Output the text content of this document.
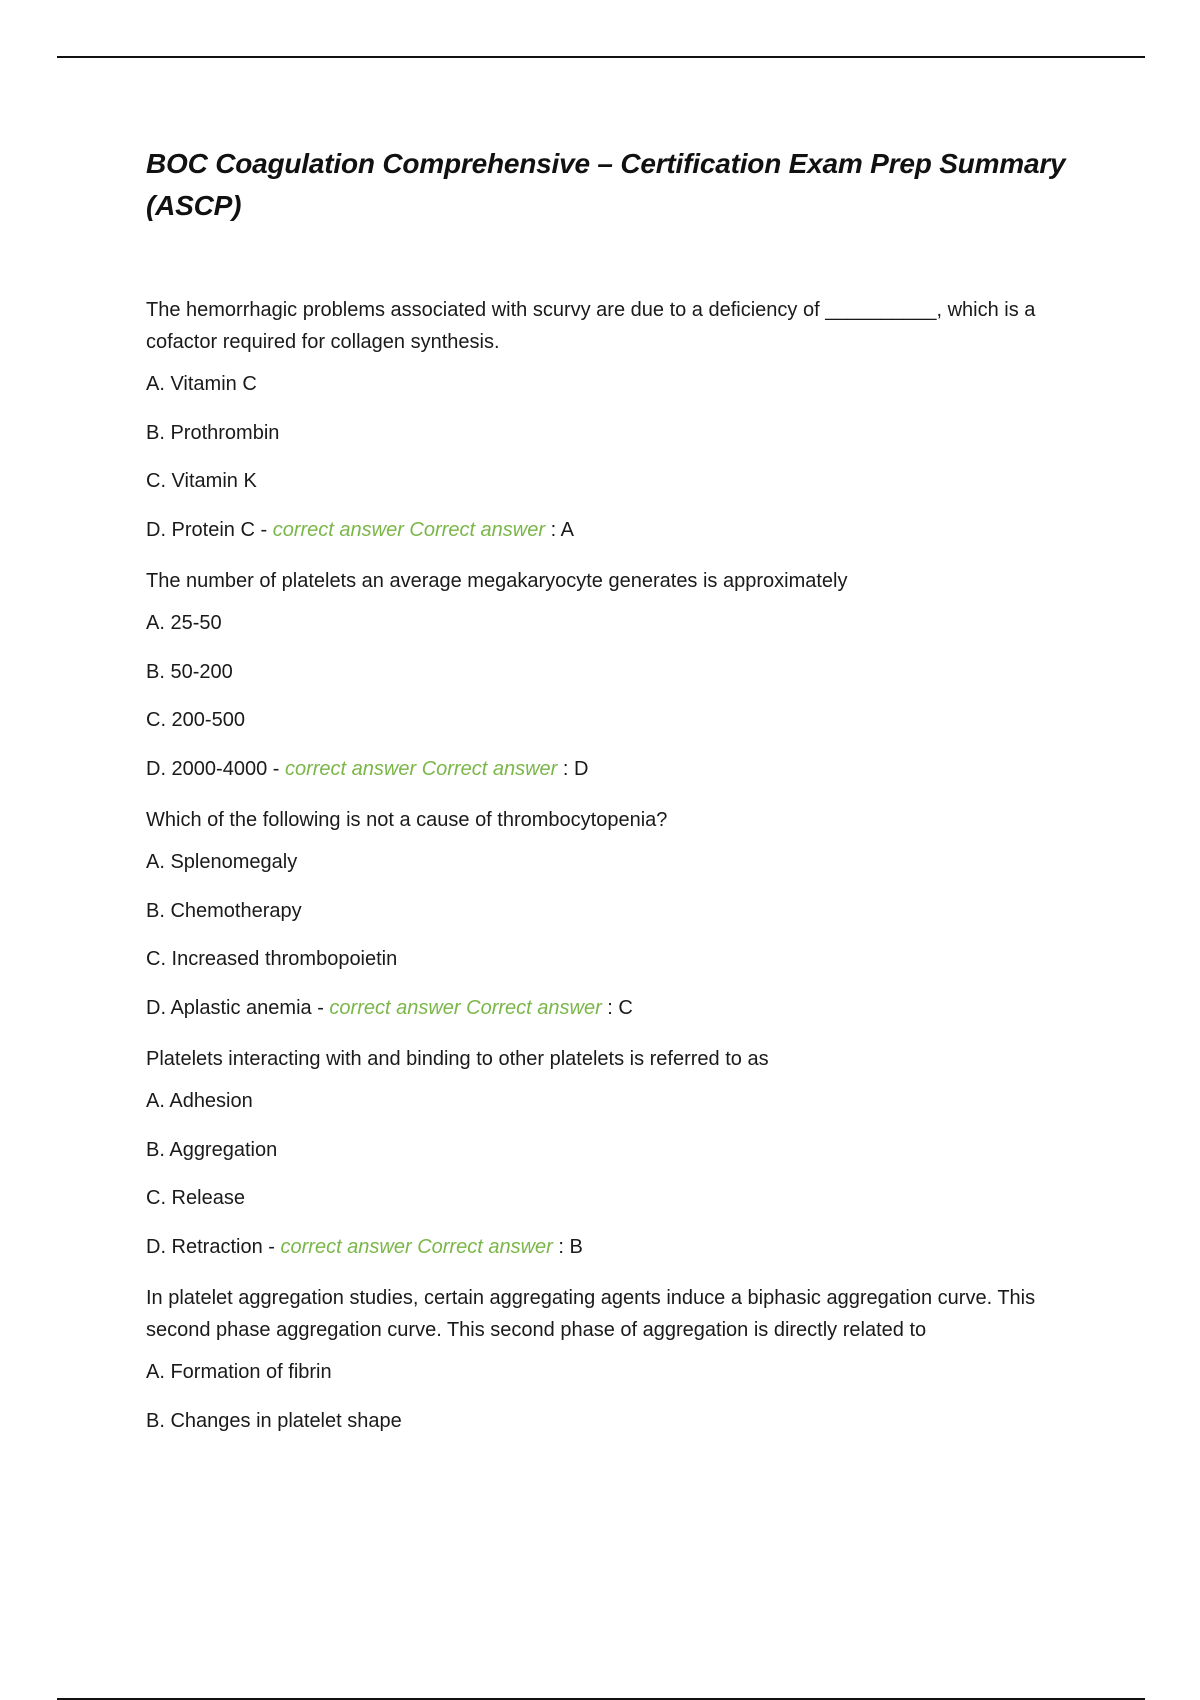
BOC Coagulation Comprehensive – Certification Exam Prep Summary (ASCP)

The hemorrhagic problems associated with scurvy are due to a deficiency of __________, which is a cofactor required for collagen synthesis.

A. Vitamin C

B. Prothrombin

C. Vitamin K

D. Protein C - correct answer Correct answer : A

The number of platelets an average megakaryocyte generates is approximately

A. 25-50

B. 50-200

C. 200-500

D. 2000-4000 - correct answer Correct answer : D

Which of the following is not a cause of thrombocytopenia?

A. Splenomegaly

B. Chemotherapy

C. Increased thrombopoietin

D. Aplastic anemia - correct answer Correct answer : C

Platelets interacting with and binding to other platelets is referred to as

A. Adhesion

B. Aggregation

C. Release

D. Retraction - correct answer Correct answer : B

In platelet aggregation studies, certain aggregating agents induce a biphasic aggregation curve. This second phase aggregation curve. This second phase of aggregation is directly related to

A. Formation of fibrin

B. Changes in platelet shape
